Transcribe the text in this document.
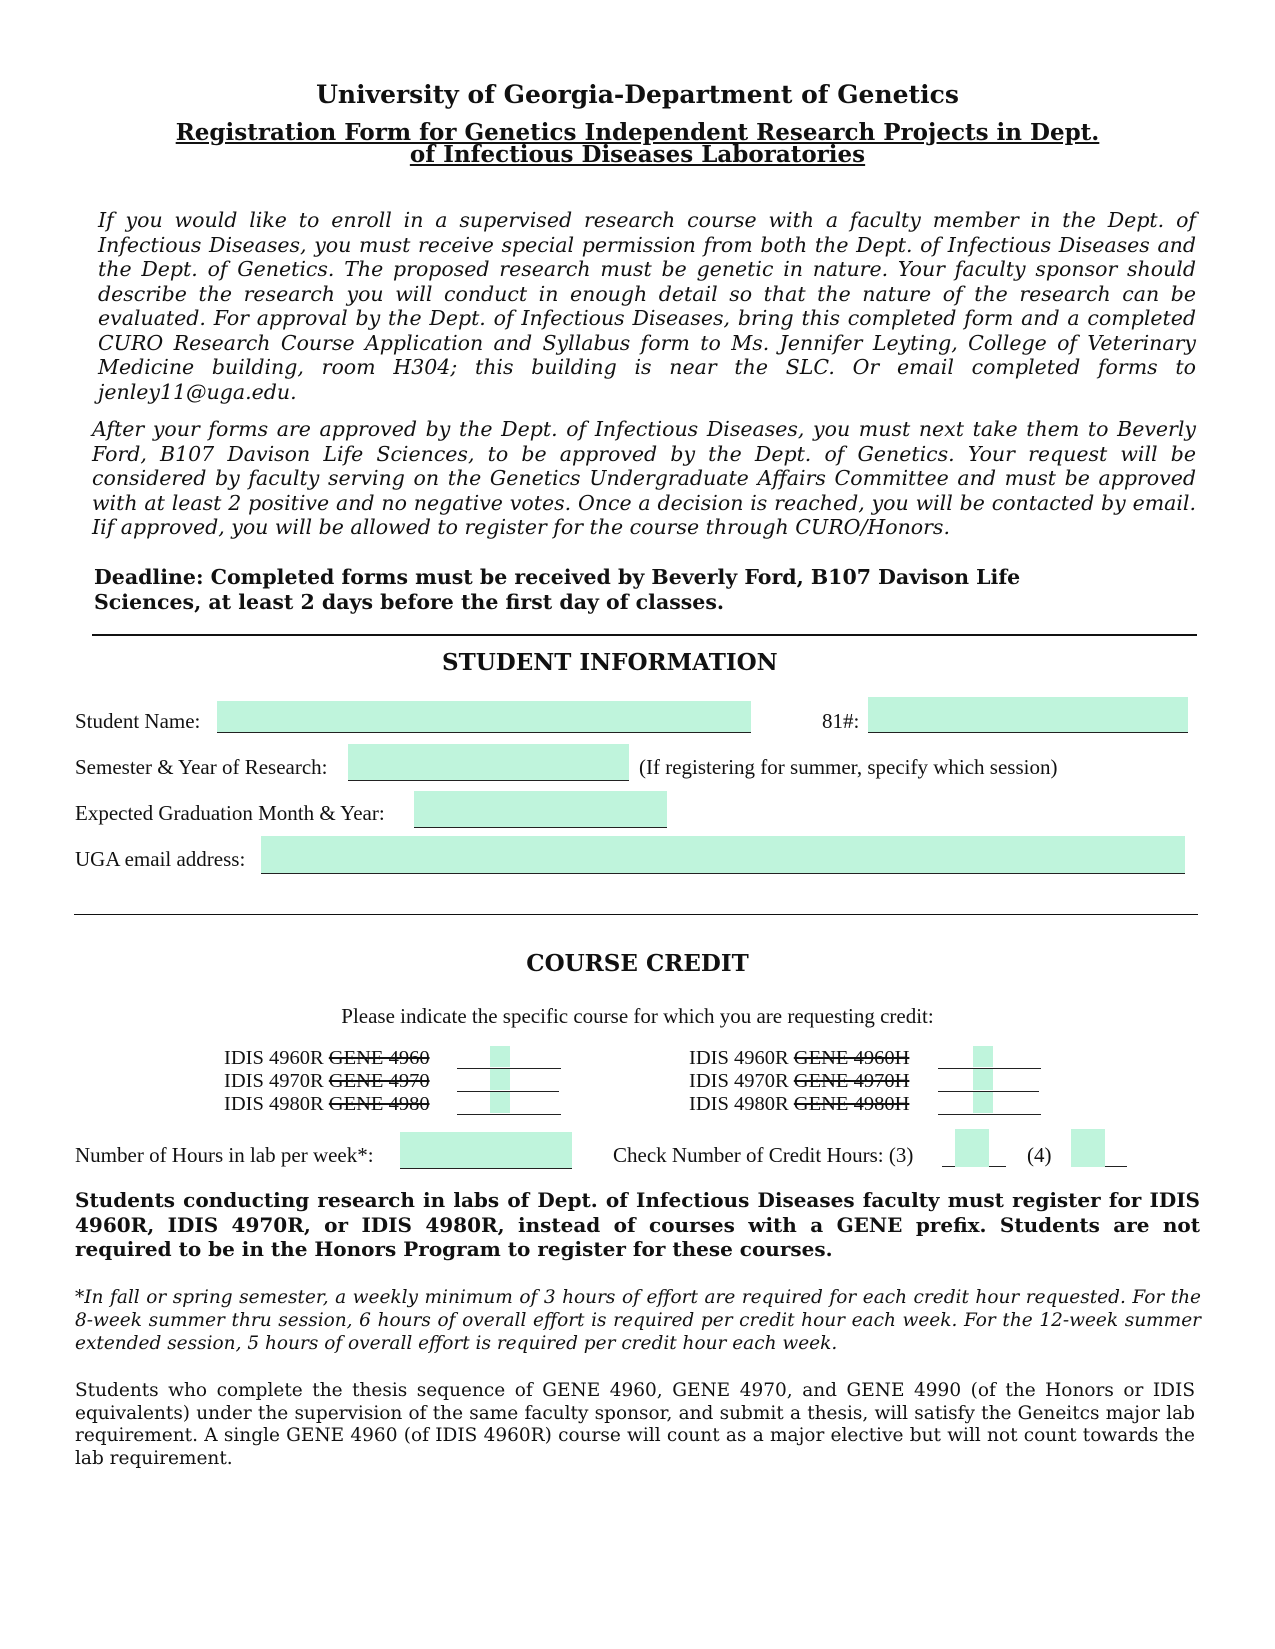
University of Georgia-Department of Genetics
Registration Form for Genetics Independent Research Projects in Dept.
of Infectious Diseases Laboratories
If you would like to enroll in a supervised research course with a faculty member in the Dept. of Infectious Diseases, you must receive special permission from both the Dept. of Infectious Diseases and the Dept. of Genetics. The proposed research must be genetic in nature. Your faculty sponsor should describe the research you will conduct in enough detail so that the nature of the research can be evaluated. For approval by the Dept. of Infectious Diseases, bring this completed form and a completed CURO Research Course Application and Syllabus form to Ms. Jennifer Leyting, College of Veterinary Medicine building, room H304; this building is near the SLC. Or email completed forms to jenley11@uga.edu.
After your forms are approved by the Dept. of Infectious Diseases, you must next take them to Beverly Ford, B107 Davison Life Sciences, to be approved by the Dept. of Genetics. Your request will be considered by faculty serving on the Genetics Undergraduate Affairs Committee and must be approved with at least 2 positive and no negative votes. Once a decision is reached, you will be contacted by email. Iif approved, you will be allowed to register for the course through CURO/Honors.
Deadline: Completed forms must be received by Beverly Ford, B107 Davison Life
Sciences, at least 2 days before the first day of classes.
STUDENT INFORMATION
Student Name:	81#:
Semester & Year of Research:	(If registering for summer, specify which session)
Expected Graduation Month & Year:
UGA email address:
COURSE CREDIT
Please indicate the specific course for which you are requesting credit:
IDIS 4960R GENE 4960
IDIS 4970R GENE 4970
IDIS 4980R GENE 4980
IDIS 4960R GENE 4960H
IDIS 4970R GENE 4970H
IDIS 4980R GENE 4980H
Number of Hours in lab per week*:	Check Number of Credit Hours: (3)	(4)
Students conducting research in labs of Dept. of Infectious Diseases faculty must register for IDIS 4960R, IDIS 4970R, or IDIS 4980R, instead of courses with a GENE prefix. Students are not required to be in the Honors Program to register for these courses.
*In fall or spring semester, a weekly minimum of 3 hours of effort are required for each credit hour requested. For the 8-week summer thru session, 6 hours of overall effort is required per credit hour each week. For the 12-week summer extended session, 5 hours of overall effort is required per credit hour each week.
Students who complete the thesis sequence of GENE 4960, GENE 4970, and GENE 4990 (of the Honors or IDIS equivalents) under the supervision of the same faculty sponsor, and submit a thesis, will satisfy the Geneitcs major lab requirement. A single GENE 4960 (of IDIS 4960R) course will count as a major elective but will not count towards the lab requirement.
